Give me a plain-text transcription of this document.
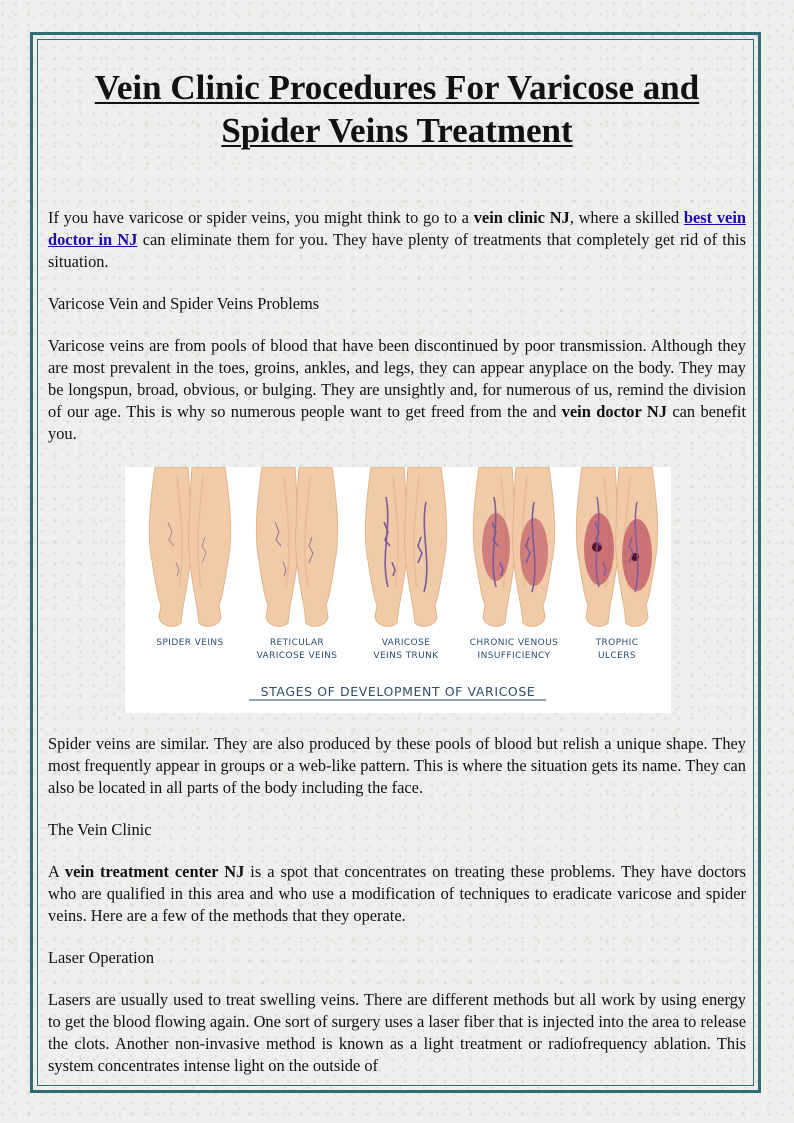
Vein Clinic Procedures For Varicose and Spider Veins Treatment

If you have varicose or spider veins, you might think to go to a vein clinic NJ, where a skilled best vein doctor in NJ can eliminate them for you. They have plenty of treatments that completely get rid of this situation.

Varicose Vein and Spider Veins Problems

Varicose veins are from pools of blood that have been discontinued by poor transmission. Although they are most prevalent in the toes, groins, ankles, and legs, they can appear anyplace on the body. They may be longspun, broad, obvious, or bulging. They are unsightly and, for numerous of us, remind the division of our age. This is why so numerous people want to get freed from the and vein doctor NJ can benefit you.

SPIDER VEINS	RETICULAR
VARICOSE VEINS
VARICOSE
VEINS TRUNK
CHRONIC VENOUS
INSUFFICIENCY
TROPHIC
ULCERS
STAGES OF DEVELOPMENT OF VARICOSE

Spider veins are similar. They are also produced by these pools of blood but relish a unique shape. They most frequently appear in groups or a web-like pattern. This is where the situation gets its name. They can also be located in all parts of the body including the face.

The Vein Clinic

A vein treatment center NJ is a spot that concentrates on treating these problems. They have doctors who are qualified in this area and who use a modification of techniques to eradicate varicose and spider veins. Here are a few of the methods that they operate.

Laser Operation

Lasers are usually used to treat swelling veins. There are different methods but all work by using energy to get the blood flowing again. One sort of surgery uses a laser fiber that is injected into the area to release the clots. Another non-invasive method is known as a light treatment or radiofrequency ablation. This system concentrates intense light on the outside of
